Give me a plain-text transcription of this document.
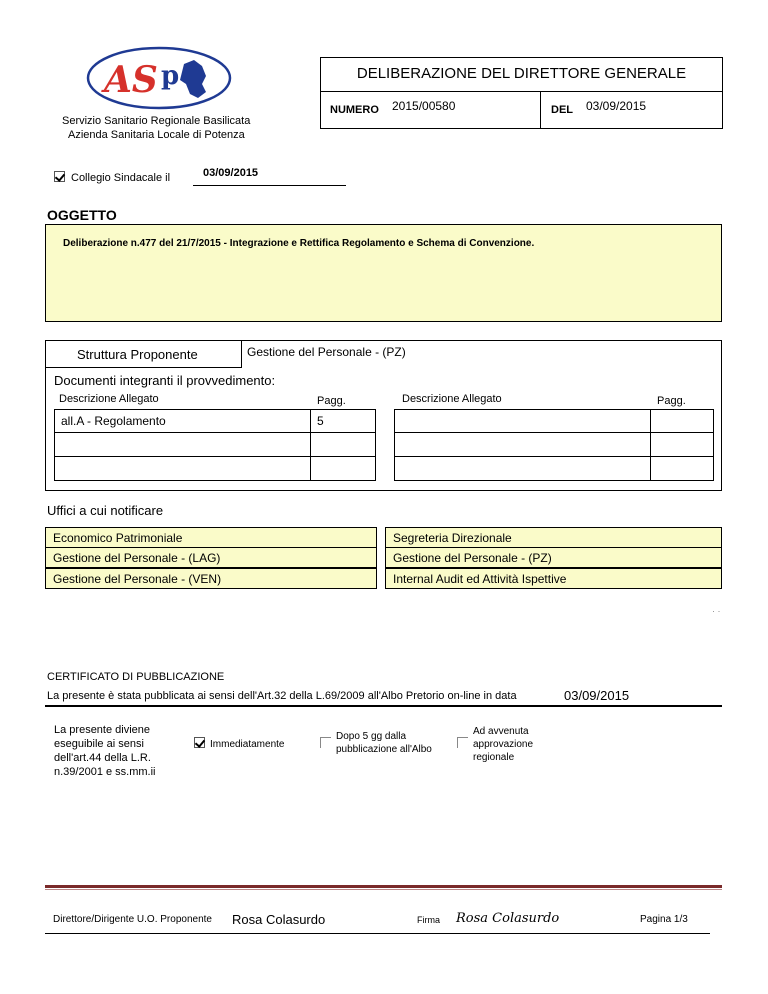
AS p
Servizio Sanitario Regionale Basilicata
Azienda Sanitaria Locale di Potenza
DELIBERAZIONE DEL DIRETTORE GENERALE
NUMERO 2015/00580	DEL 03/09/2015
Collegio Sindacale il	03/09/2015
OGGETTO
Deliberazione n.477 del 21/7/2015 - Integrazione e Rettifica Regolamento e Schema di Convenzione.
Struttura Proponente	Gestione del Personale - (PZ)
Documenti integranti il provvedimento:
Descrizione Allegato	Pagg.	Descrizione Allegato	Pagg.
all.A - Regolamento	5
Uffici a cui notificare
Economico Patrimoniale	Segreteria Direzionale
Gestione del Personale - (LAG)	Gestione del Personale - (PZ)
Gestione del Personale - (VEN)	Internal Audit ed Attività Ispettive
· ·
CERTIFICATO DI PUBBLICAZIONE
La presente è stata pubblicata ai sensi dell'Art.32 della L.69/2009 all'Albo Pretorio on-line in data	03/09/2015
La presente diviene
eseguibile ai sensi
dell'art.44 della L.R.
n.39/2001 e ss.mm.ii
Immediatamente
Dopo 5 gg dalla
pubblicazione all'Albo
Ad avvenuta
approvazione
regionale
Direttore/Dirigente U.O. Proponente Rosa Colasurdo	Firma Rosa Colasurdo	Pagina 1/3
